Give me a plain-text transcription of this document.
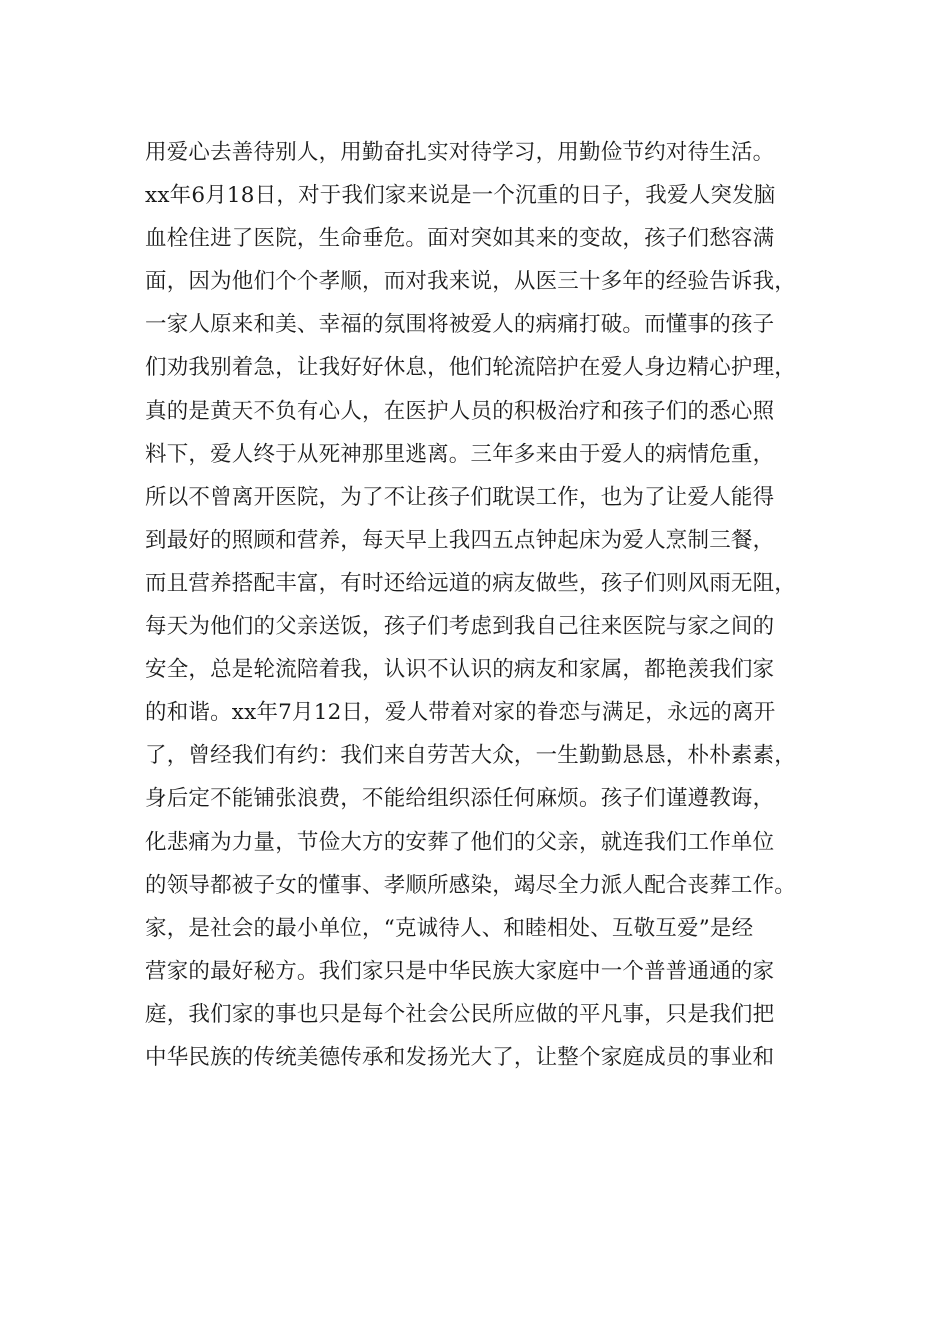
用爱心去善待别人，用勤奋扎实对待学习，用勤俭节约对待生活。
xx年6月18日，对于我们家来说是一个沉重的日子，我爱人突发脑
血栓住进了医院，生命垂危。面对突如其来的变故，孩子们愁容满
面，因为他们个个孝顺，而对我来说，从医三十多年的经验告诉我，
一家人原来和美、幸福的氛围将被爱人的病痛打破。而懂事的孩子
们劝我别着急，让我好好休息，他们轮流陪护在爱人身边精心护理，
真的是黄天不负有心人，在医护人员的积极治疗和孩子们的悉心照
料下，爱人终于从死神那里逃离。三年多来由于爱人的病情危重，
所以不曾离开医院，为了不让孩子们耽误工作，也为了让爱人能得
到最好的照顾和营养，每天早上我四五点钟起床为爱人烹制三餐，
而且营养搭配丰富，有时还给远道的病友做些，孩子们则风雨无阻，
每天为他们的父亲送饭，孩子们考虑到我自己往来医院与家之间的
安全，总是轮流陪着我，认识不认识的病友和家属，都艳羡我们家
的和谐。xx年7月12日，爱人带着对家的眷恋与满足，永远的离开
了，曾经我们有约：我们来自劳苦大众，一生勤勤恳恳，朴朴素素，
身后定不能铺张浪费，不能给组织添任何麻烦。孩子们谨遵教诲，
化悲痛为力量，节俭大方的安葬了他们的父亲，就连我们工作单位
的领导都被子女的懂事、孝顺所感染，竭尽全力派人配合丧葬工作。
家，是社会的最小单位，“克诚待人、和睦相处、互敬互爱”是经
营家的最好秘方。我们家只是中华民族大家庭中一个普普通通的家
庭，我们家的事也只是每个社会公民所应做的平凡事，只是我们把
中华民族的传统美德传承和发扬光大了，让整个家庭成员的事业和
